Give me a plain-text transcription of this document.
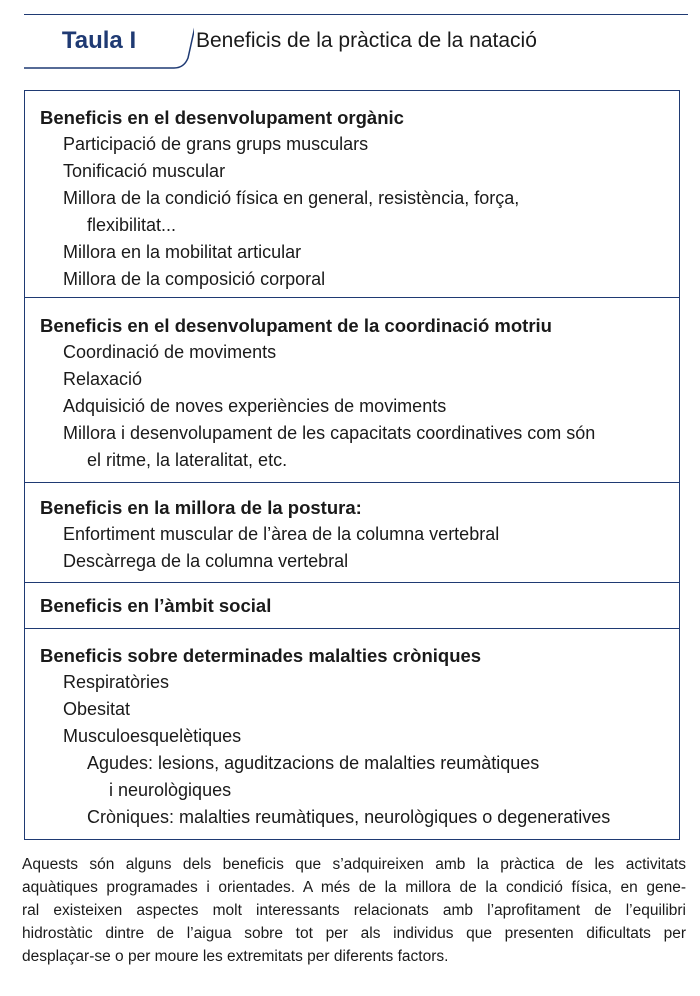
Taula I	Beneficis de la pràctica de la natació
Beneficis en el desenvolupament orgànic
Participació de grans grups musculars
Tonificació muscular
Millora de la condició física en general, resistència, força,
flexibilitat...
Millora en la mobilitat articular
Millora de la composició corporal
Beneficis en el desenvolupament de la coordinació motriu
Coordinació de moviments
Relaxació
Adquisició de noves experiències de moviments
Millora i desenvolupament de les capacitats coordinatives com són
el ritme, la lateralitat, etc.
Beneficis en la millora de la postura:
Enfortiment muscular de l’àrea de la columna vertebral
Descàrrega de la columna vertebral
Beneficis en l’àmbit social
Beneficis sobre determinades malalties cròniques
Respiratòries
Obesitat
Musculoesquelètiques
Agudes: lesions, aguditzacions de malalties reumàtiques
i neurològiques
Cròniques: malalties reumàtiques, neurològiques o degeneratives
Aquests són alguns dels beneficis que s’adquireixen amb la pràctica de les activitats
aquàtiques programades i orientades. A més de la millora de la condició física, en gene-
ral existeixen aspectes molt interessants relacionats amb l’aprofitament de l’equilibri
hidrostàtic dintre de l’aigua sobre tot per als individus que presenten dificultats per
desplaçar-se o per moure les extremitats per diferents factors.
